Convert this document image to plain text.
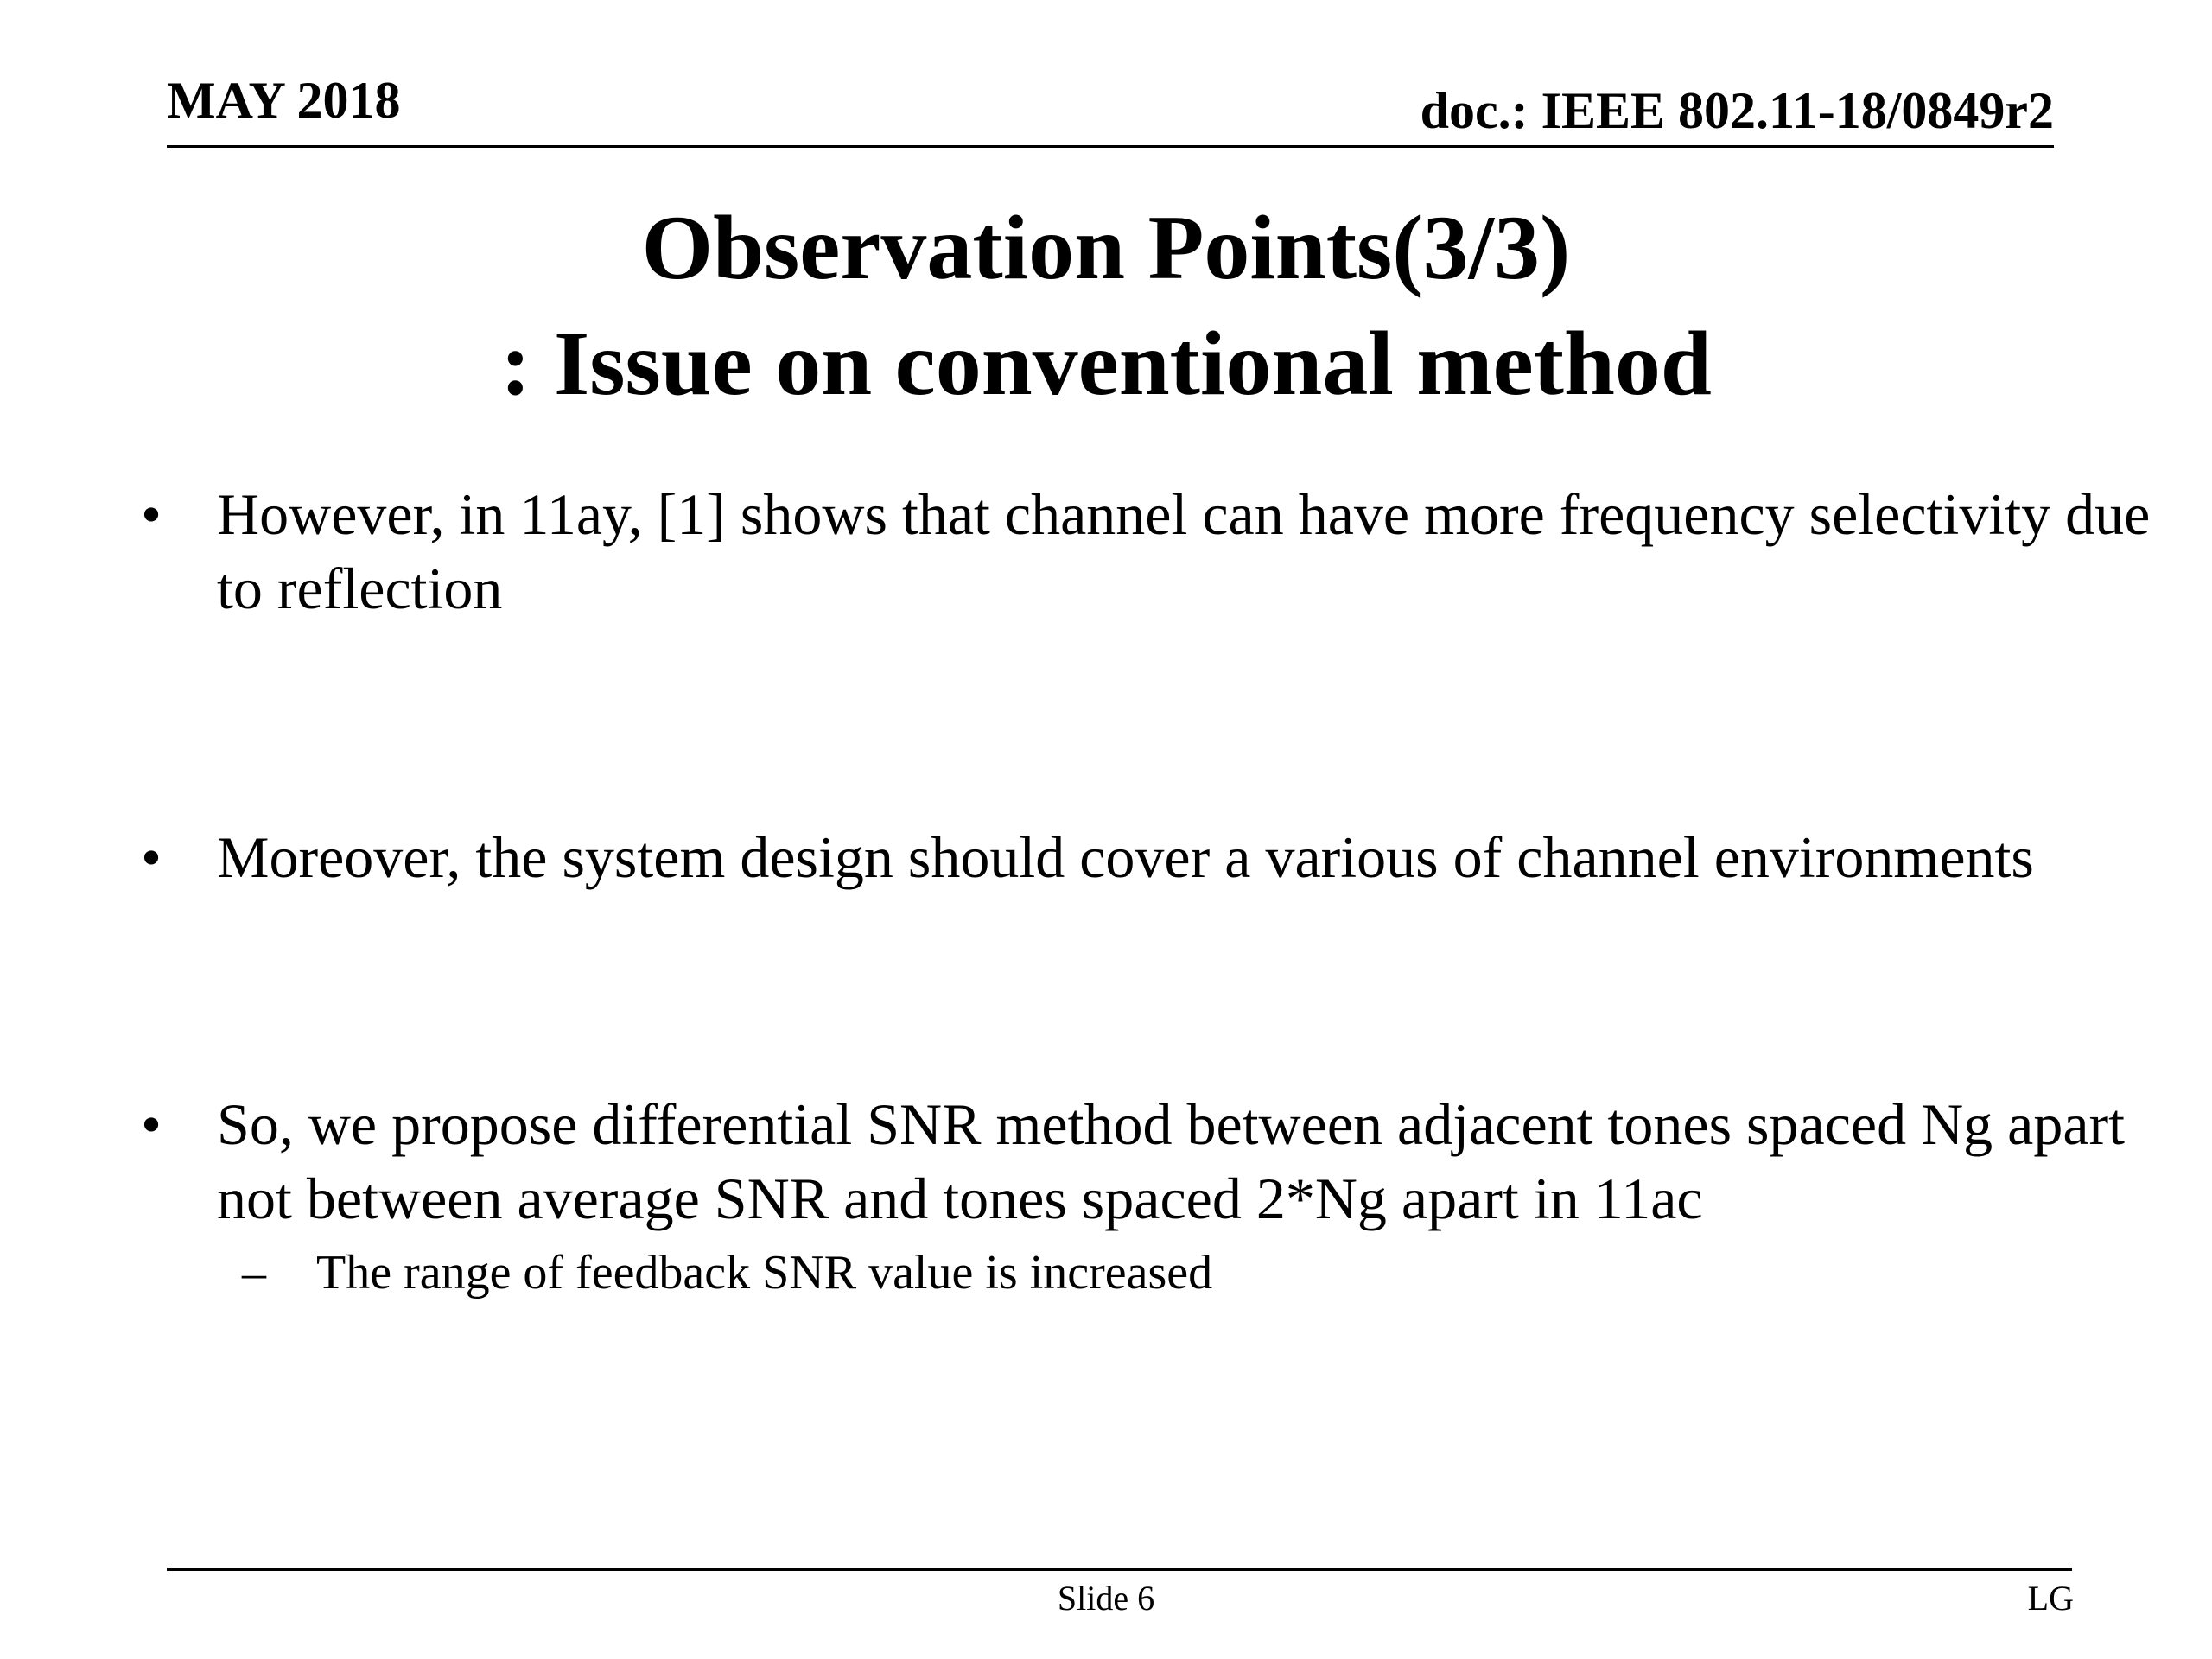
MAY 2018	doc.: IEEE 802.11-18/0849r2
Observation Points(3/3)
: Issue on conventional method
• However, in 11ay, [1] shows that channel can have more frequency selectivity due to reflection
• Moreover, the system design should cover a various of channel environments
• So, we propose differential SNR method between adjacent tones spaced Ng apart not between average SNR and tones spaced 2*Ng apart in 11ac
– The range of feedback SNR value is increased
Slide 6	LG
